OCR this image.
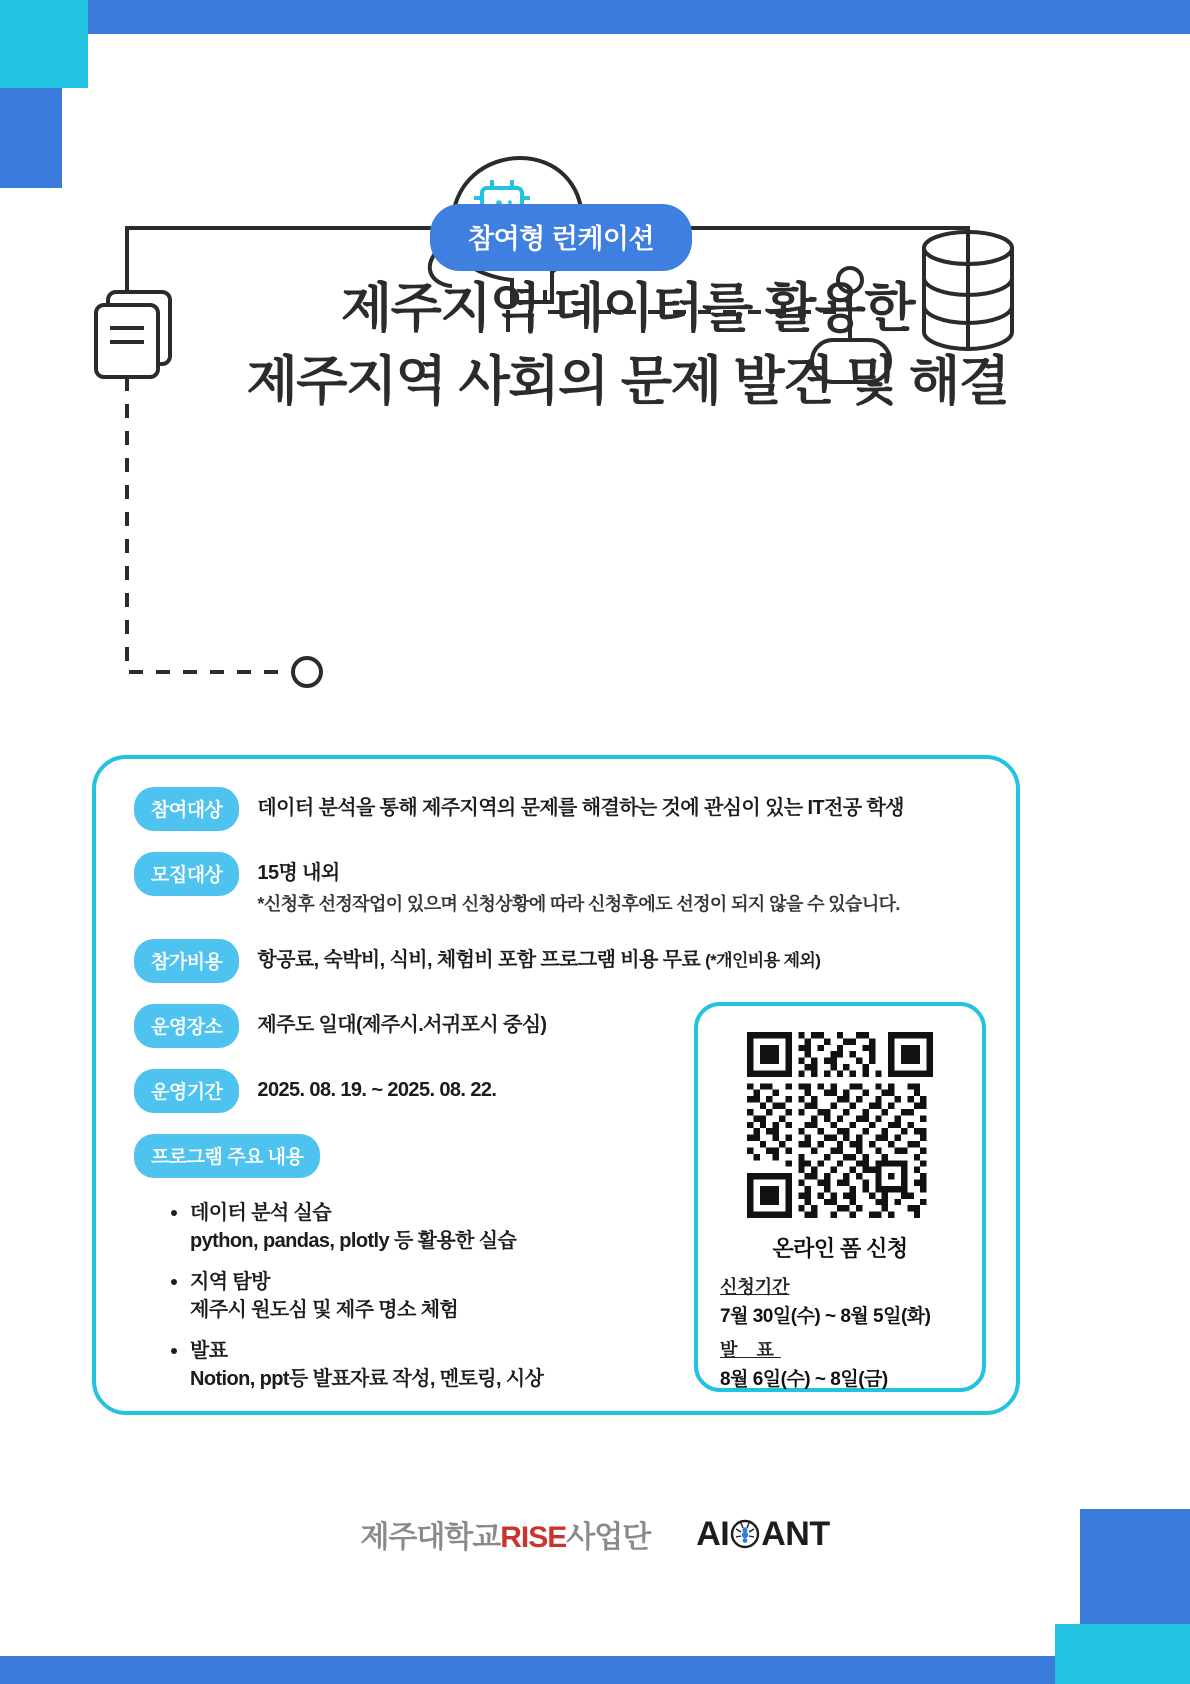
참여형 런케이션
제주지역 데이터를 활용한
제주지역 사회의 문제 발견 및 해결
참여대상	데이터 분석을 통해 제주지역의 문제를 해결하는 것에 관심이 있는 IT전공 학생
모집대상	15명 내외
*신청후 선정작업이 있으며 신청상황에 따라 신청후에도 선정이 되지 않을 수 있습니다.
참가비용	항공료, 숙박비, 식비, 체험비 포함 프로그램 비용 무료 (*개인비용 제외)
운영장소	제주도 일대(제주시.서귀포시 중심)
운영기간	2025. 08. 19. ~ 2025. 08. 22.
프로그램 주요 내용
데이터 분석 실습
python, pandas, plotly 등 활용한 실습
지역 탐방
제주시 원도심 및 제주 명소 체험
발표
Notion, ppt등 발표자료 작성, 멘토링, 시상
온라인 폼 신청
신청기간
7월 30일(수) ~ 8월 5일(화)
발 표
8월 6일(수) ~ 8일(금)
제주대학교RISE사업단 AI ANT
